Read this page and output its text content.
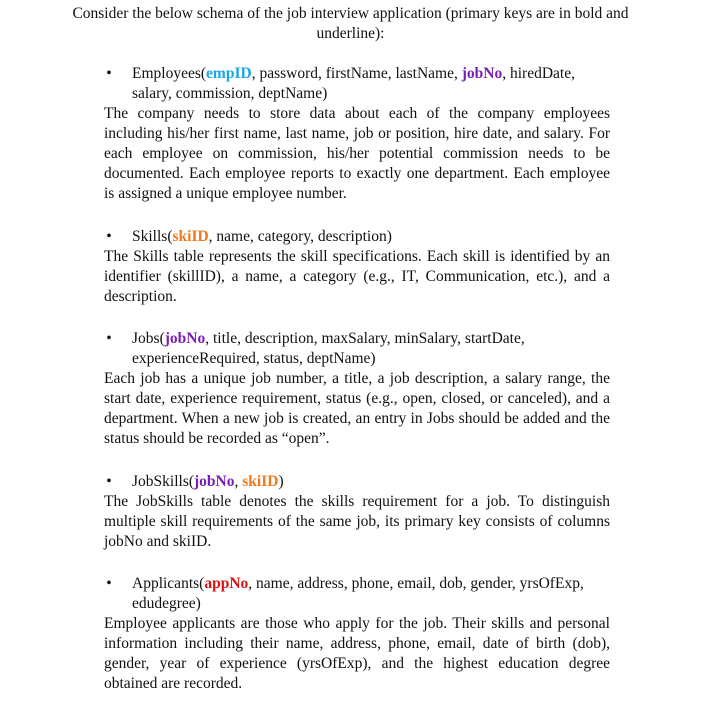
Consider the below schema of the job interview application (primary keys are in bold and
underline):
• Employees(empID, password, firstName, lastName, jobNo, hiredDate, salary, commission, deptName)
The company needs to store data about each of the company employees including his/her first name, last name, job or position, hire date, and salary. For each employee on commission, his/her potential commission needs to be documented. Each employee reports to exactly one department. Each employee is assigned a unique employee number.
• Skills(skiID, name, category, description)
The Skills table represents the skill specifications. Each skill is identified by an identifier (skillID), a name, a category (e.g., IT, Communication, etc.), and a description.
• Jobs(jobNo, title, description, maxSalary, minSalary, startDate, experienceRequired, status, deptName)
Each job has a unique job number, a title, a job description, a salary range, the start date, experience requirement, status (e.g., open, closed, or canceled), and a department. When a new job is created, an entry in Jobs should be added and the status should be recorded as “open”.
• JobSkills(jobNo, skiID)
The JobSkills table denotes the skills requirement for a job. To distinguish multiple skill requirements of the same job, its primary key consists of columns jobNo and skiID.
• Applicants(appNo, name, address, phone, email, dob, gender, yrsOfExp, edudegree)
Employee applicants are those who apply for the job. Their skills and personal information including their name, address, phone, email, date of birth (dob), gender, year of experience (yrsOfExp), and the highest education degree obtained are recorded.
